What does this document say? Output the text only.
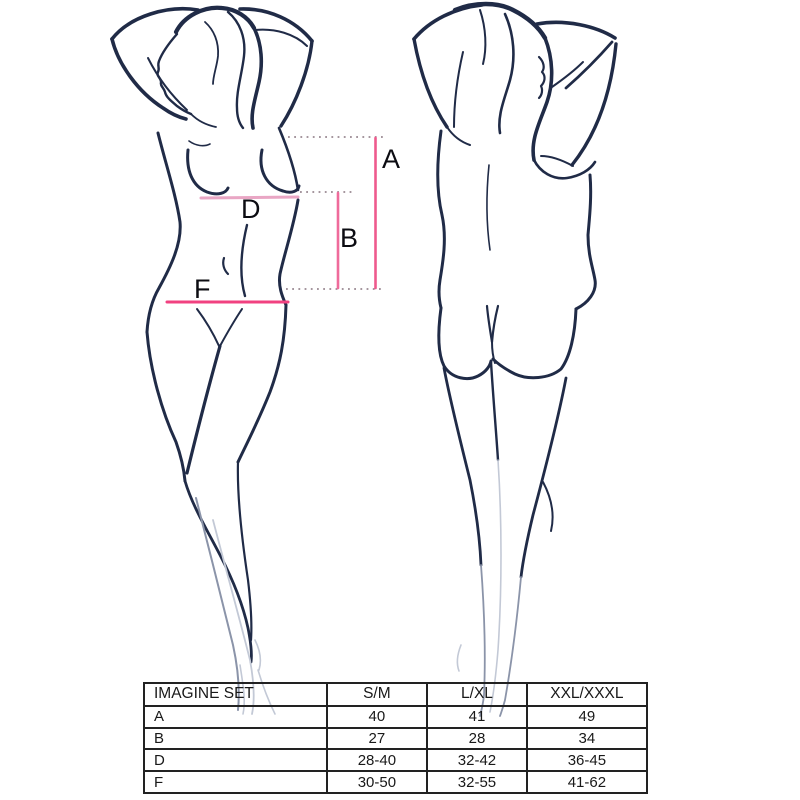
A
B
D
F
IMAGINE SET	S/M	L/XL	XXL/XXXL
A	40	41	49
B	27	28	34
D	28-40	32-42	36-45
F	30-50	32-55	41-62
